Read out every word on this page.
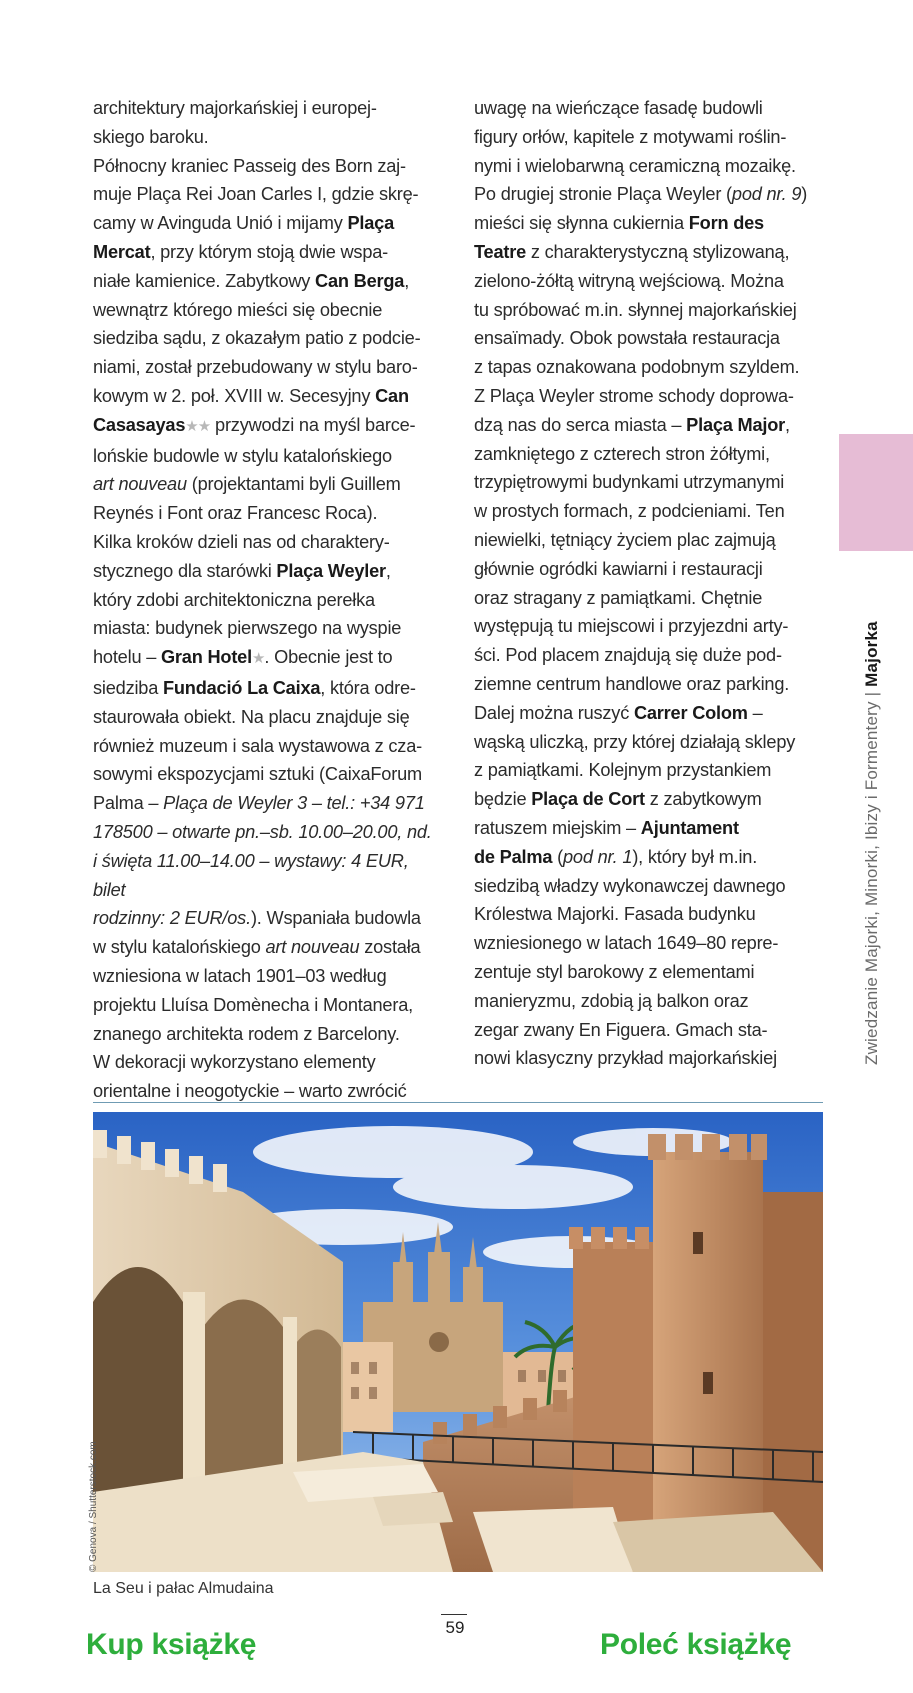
architektury majorkańskiej i europej-

skiego baroku.

Północny kraniec Passeig des Born zaj-

muje Plaça Rei Joan Carles I, gdzie skrę-

camy w Avinguda Unió i mijamy Plaça

Mercat, przy którym stoją dwie wspa-

niałe kamienice. Zabytkowy Can Berga,

wewnątrz którego mieści się obecnie

siedziba sądu, z okazałym patio z podcie-

niami, został przebudowany w stylu baro-

kowym w 2. poł. XVIII w. Secesyjny Can

Casasayas★★ przywodzi na myśl barce-

lońskie budowle w stylu katalońskiego

art nouveau (projektantami byli Guillem

Reynés i Font oraz Francesc Roca).

Kilka kroków dzieli nas od charaktery-

stycznego dla starówki Plaça Weyler,

który zdobi architektoniczna perełka

miasta: budynek pierwszego na wyspie

hotelu – Gran Hotel★. Obecnie jest to

siedziba Fundació La Caixa, która odre-

staurowała obiekt. Na placu znajduje się

również muzeum i sala wystawowa z cza-

sowymi ekspozycjami sztuki (CaixaForum

Palma – Plaça de Weyler 3 – tel.: +34 971

178500 – otwarte pn.–sb. 10.00–20.00, nd.

i święta 11.00–14.00 – wystawy: 4 EUR, bilet

rodzinny: 2 EUR/os.). Wspaniała budowla

w stylu katalońskiego art nouveau została

wzniesiona w latach 1901–03 według

projektu Lluísa Domènecha i Montanera,

znanego architekta rodem z Barcelony.

W dekoracji wykorzystano elementy

orientalne i neogotyckie – warto zwrócić

uwagę na wieńczące fasadę budowli

figury orłów, kapitele z motywami roślin-

nymi i wielobarwną ceramiczną mozaikę.

Po drugiej stronie Plaça Weyler (pod nr. 9)

mieści się słynna cukiernia Forn des

Teatre z charakterystyczną stylizowaną,

zielono-żółtą witryną wejściową. Można

tu spróbować m.in. słynnej majorkańskiej

ensaïmady. Obok powstała restauracja

z tapas oznakowana podobnym szyldem.

Z Plaça Weyler strome schody doprowa-

dzą nas do serca miasta – Plaça Major,

zamkniętego z czterech stron żółtymi,

trzypiętrowymi budynkami utrzymanymi

w prostych formach, z podcieniami. Ten

niewielki, tętniący życiem plac zajmują

głównie ogródki kawiarni i restauracji

oraz stragany z pamiątkami. Chętnie

występują tu miejscowi i przyjezdni arty-

ści. Pod placem znajdują się duże pod-

ziemne centrum handlowe oraz parking.

Dalej można ruszyć Carrer Colom –

wąską uliczką, przy której działają sklepy

z pamiątkami. Kolejnym przystankiem

będzie Plaça de Cort z zabytkowym

ratuszem miejskim – Ajuntament

de Palma (pod nr. 1), który był m.in.

siedzibą władzy wykonawczej dawnego

Królestwa Majorki. Fasada budynku

wzniesionego w latach 1649–80 repre-

zentuje styl barokowy z elementami

manieryzmu, zdobią ją balkon oraz

zegar zwany En Figuera. Gmach sta-

nowi klasyczny przykład majorkańskiej	Zwiedzanie Majorki, Minorki, Ibizy i Formentery | Majorka
© Genova / Shutterstock.com
La Seu i pałac Almudaina
59
Kup książkę	Poleć książkę
